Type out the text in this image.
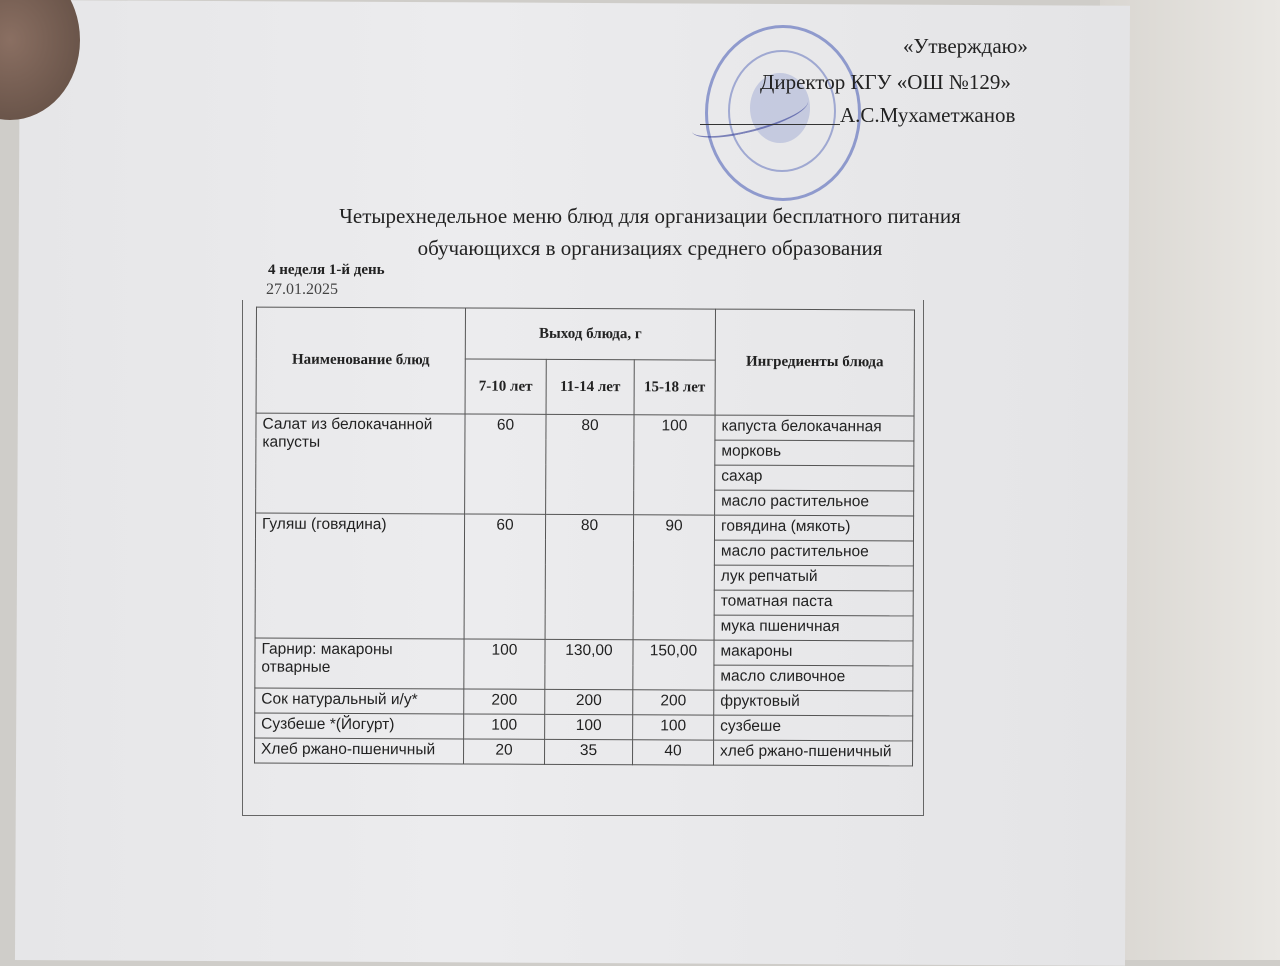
«Утверждаю»
Директор КГУ «ОШ №129»
А.С.Мухаметжанов
Четырехнедельное меню блюд для организации бесплатного питания
обучающихся в организациях среднего образования
4 неделя 1-й день
27.01.2025
Наименование блюд	Выход блюда, г			Ингредиенты блюда
	7-10 лет	11-14 лет	15-18 лет	
Салат из белокачанной капусты	60	80	100	капуста белокачанная
				морковь
				сахар
				масло растительное
Гуляш (говядина)	60	80	90	говядина (мякоть)
				масло растительное
				лук репчатый
				томатная паста
				мука пшеничная
Гарнир: макароны отварные	100	130,00	150,00	макароны
				масло сливочное
Сок натуральный и/у*	200	200	200	фруктовый
Сузбеше *(Йогурт)	100	100	100	сузбеше
Хлеб ржано-пшеничный	20	35	40	хлеб ржано-пшеничный
